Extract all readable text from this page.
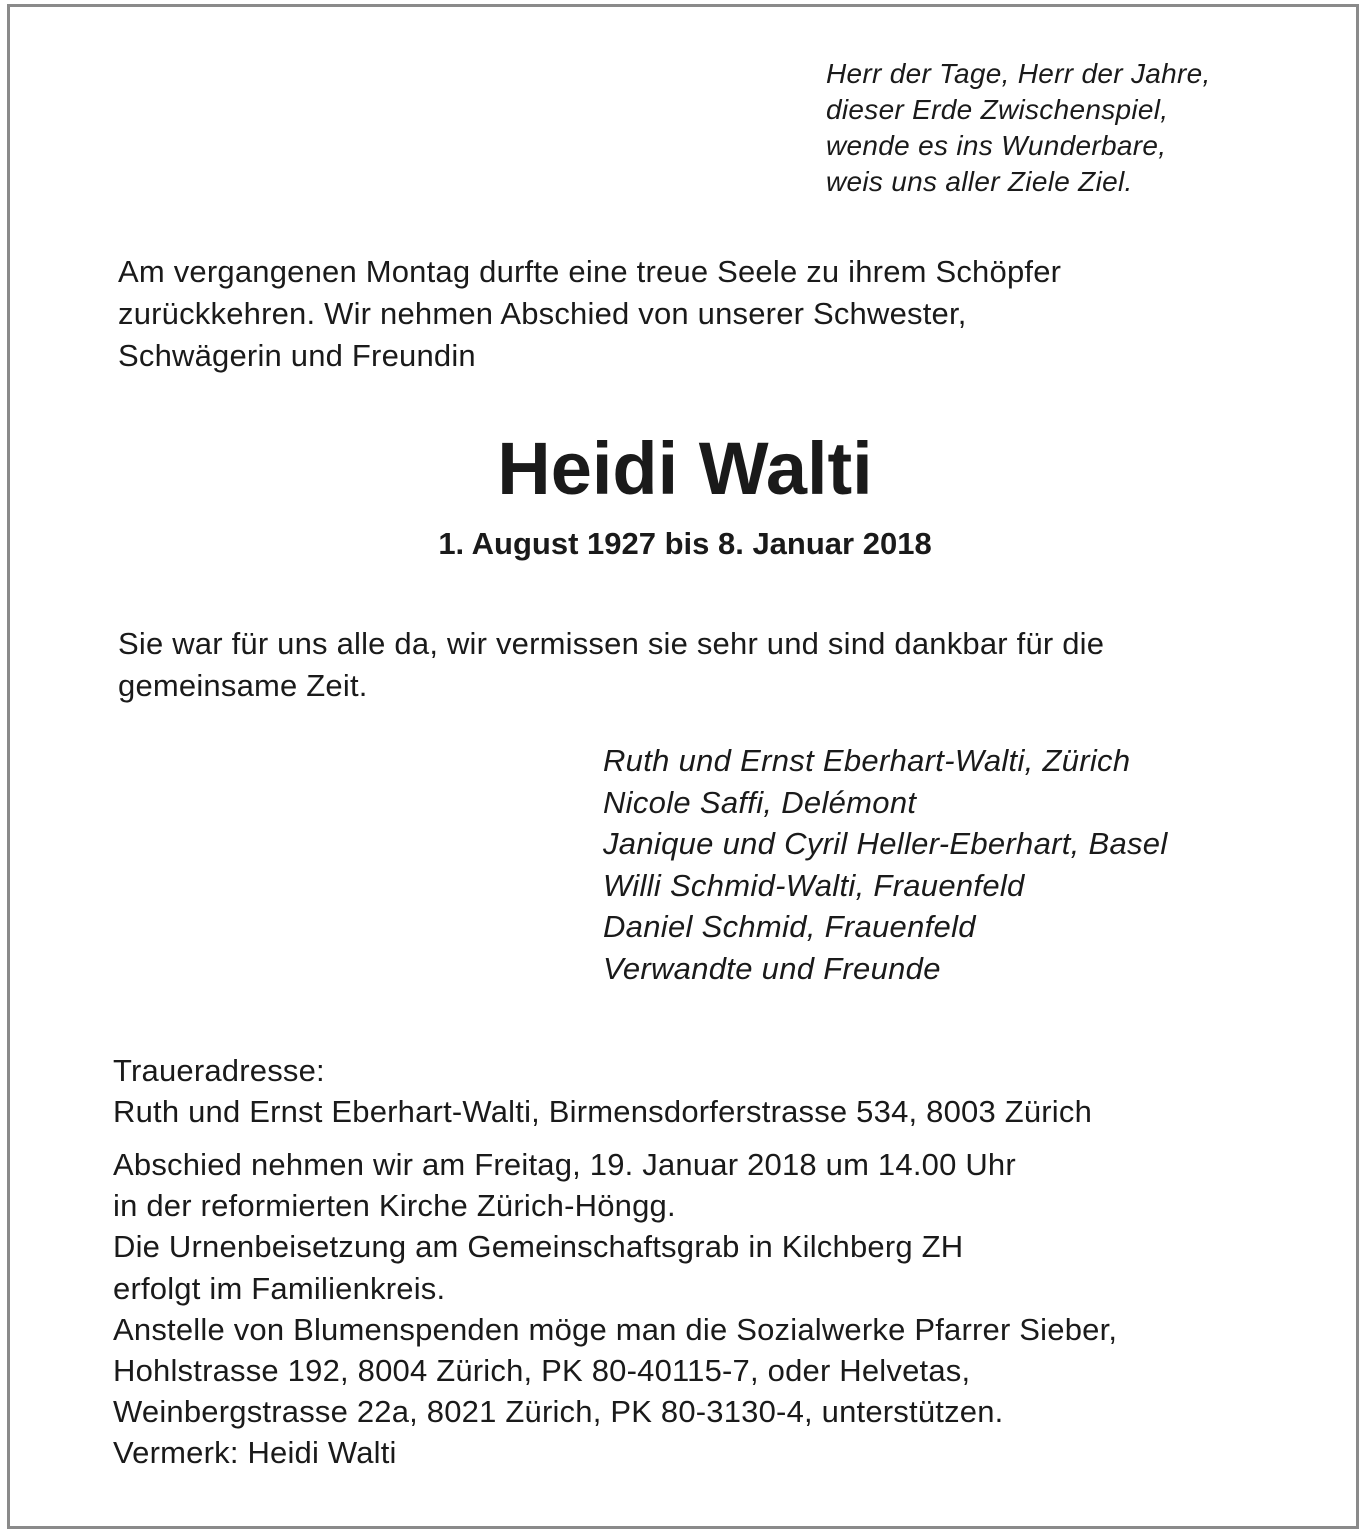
Herr der Tage, Herr der Jahre,
dieser Erde Zwischenspiel,
wende es ins Wunderbare,
weis uns aller Ziele Ziel.
Am vergangenen Montag durfte eine treue Seele zu ihrem Schöpfer
zurückkehren. Wir nehmen Abschied von unserer Schwester,
Schwägerin und Freundin
Heidi Walti
1. August 1927 bis 8. Januar 2018
Sie war für uns alle da, wir vermissen sie sehr und sind dankbar für die
gemeinsame Zeit.
Ruth und Ernst Eberhart-Walti, Zürich
Nicole Saffi, Delémont
Janique und Cyril Heller-Eberhart, Basel
Willi Schmid-Walti, Frauenfeld
Daniel Schmid, Frauenfeld
Verwandte und Freunde
Traueradresse:
Ruth und Ernst Eberhart-Walti, Birmensdorferstrasse 534, 8003 Zürich
Abschied nehmen wir am Freitag, 19. Januar 2018 um 14.00 Uhr
in der reformierten Kirche Zürich-Höngg.
Die Urnenbeisetzung am Gemeinschaftsgrab in Kilchberg ZH
erfolgt im Familienkreis.
Anstelle von Blumenspenden möge man die Sozialwerke Pfarrer Sieber,
Hohlstrasse 192, 8004 Zürich, PK 80-40115-7, oder Helvetas,
Weinbergstrasse 22a, 8021 Zürich, PK 80-3130-4, unterstützen.
Vermerk: Heidi Walti
